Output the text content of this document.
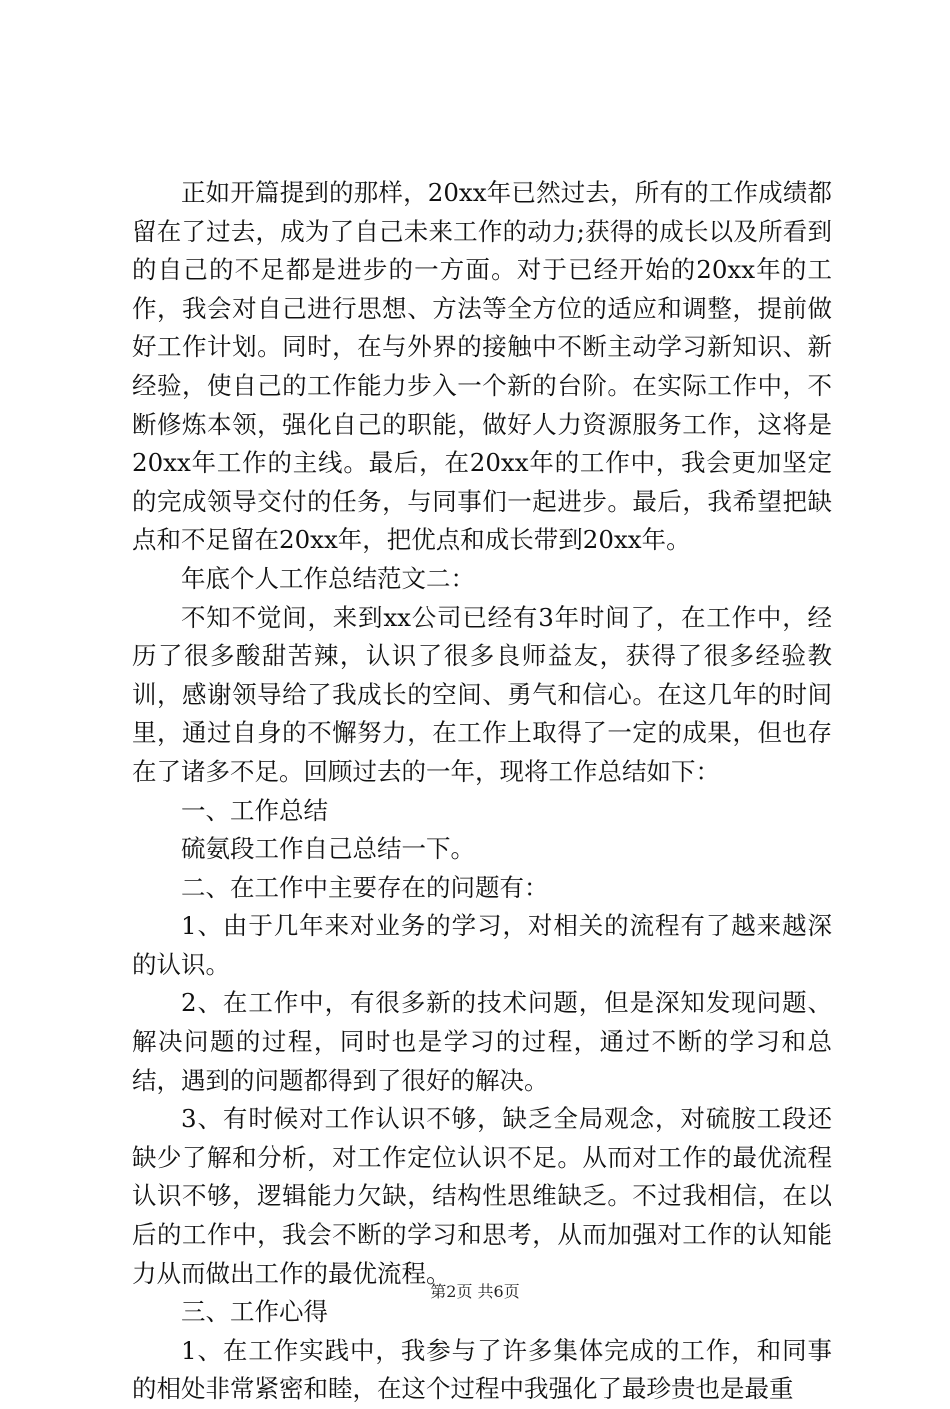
正如开篇提到的那样，20xx年已然过去，所有的工作成绩都留在了过去，成为了自己未来工作的动力;获得的成长以及所看到的自己的不足都是进步的一方面。对于已经开始的20xx年的工作，我会对自己进行思想、方法等全方位的适应和调整，提前做好工作计划。同时，在与外界的接触中不断主动学习新知识、新经验，使自己的工作能力步入一个新的台阶。在实际工作中，不断修炼本领，强化自己的职能，做好人力资源服务工作，这将是20xx年工作的主线。最后，在20xx年的工作中，我会更加坚定的完成领导交付的任务，与同事们一起进步。最后，我希望把缺点和不足留在20xx年，把优点和成长带到20xx年。

年底个人工作总结范文二：

不知不觉间，来到xx公司已经有3年时间了，在工作中，经历了很多酸甜苦辣，认识了很多良师益友，获得了很多经验教训，感谢领导给了我成长的空间、勇气和信心。在这几年的时间里，通过自身的不懈努力，在工作上取得了一定的成果，但也存在了诸多不足。回顾过去的一年，现将工作总结如下：

一、工作总结

硫氨段工作自己总结一下。

二、在工作中主要存在的问题有：

1、由于几年来对业务的学习，对相关的流程有了越来越深的认识。

2、在工作中，有很多新的技术问题，但是深知发现问题、解决问题的过程，同时也是学习的过程，通过不断的学习和总结，遇到的问题都得到了很好的解决。

3、有时候对工作认识不够，缺乏全局观念，对硫胺工段还缺少了解和分析，对工作定位认识不足。从而对工作的最优流程认识不够，逻辑能力欠缺，结构性思维缺乏。不过我相信，在以后的工作中，我会不断的学习和思考，从而加强对工作的认知能力从而做出工作的最优流程。

三、工作心得

1、在工作实践中，我参与了许多集体完成的工作，和同事的相处非常紧密和睦，在这个过程中我强化了最珍贵也是最重

第2页 共6页
